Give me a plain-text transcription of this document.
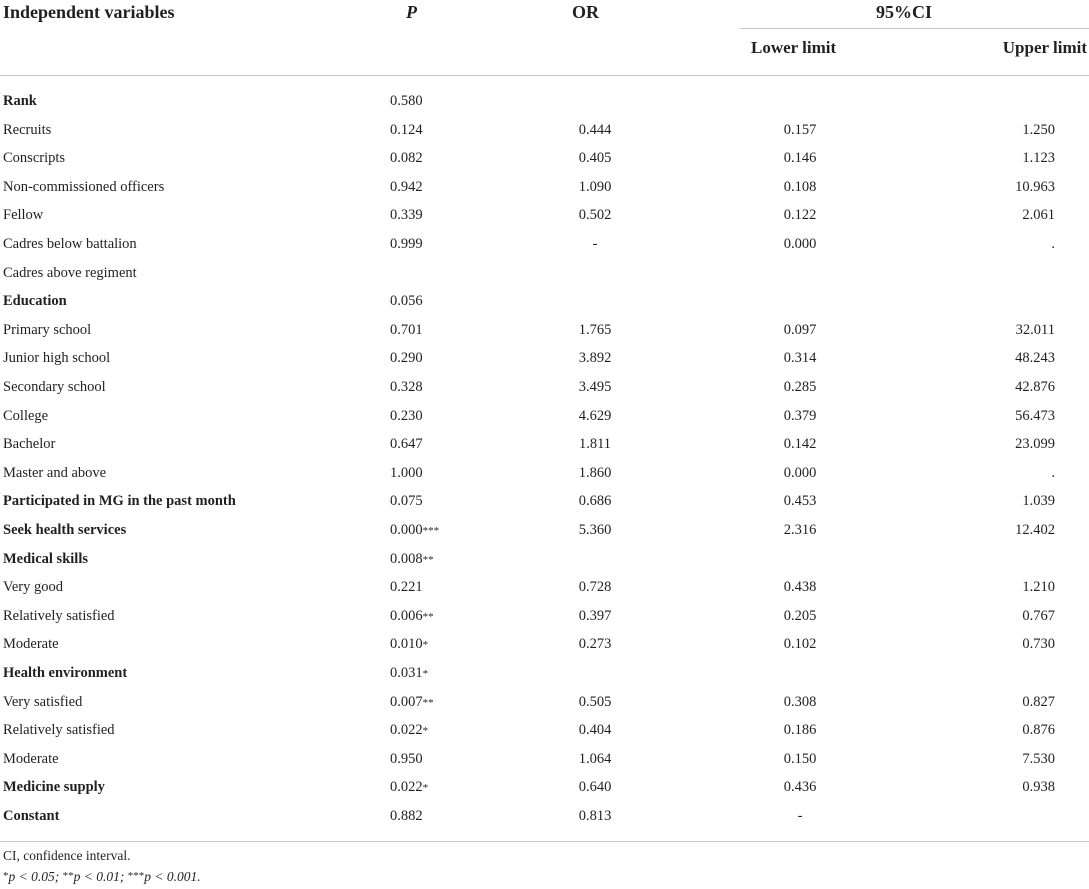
Independent variables	P	OR	95%CI
Lower limit	Upper limit
Rank	0.580
Recruits	0.124	0.444	0.157	1.250
Conscripts	0.082	0.405	0.146	1.123
Non-commissioned officers	0.942	1.090	0.108	10.963
Fellow	0.339	0.502	0.122	2.061
Cadres below battalion	0.999	-	0.000	.
Cadres above regiment
Education	0.056
Primary school	0.701	1.765	0.097	32.011
Junior high school	0.290	3.892	0.314	48.243
Secondary school	0.328	3.495	0.285	42.876
College	0.230	4.629	0.379	56.473
Bachelor	0.647	1.811	0.142	23.099
Master and above	1.000	1.860	0.000	.
Participated in MG in the past month	0.075	0.686	0.453	1.039
Seek health services	0.000***	5.360	2.316	12.402
Medical skills	0.008**
Very good	0.221	0.728	0.438	1.210
Relatively satisfied	0.006**	0.397	0.205	0.767
Moderate	0.010*	0.273	0.102	0.730
Health environment	0.031*
Very satisfied	0.007**	0.505	0.308	0.827
Relatively satisfied	0.022*	0.404	0.186	0.876
Moderate	0.950	1.064	0.150	7.530
Medicine supply	0.022*	0.640	0.436	0.938
Constant	0.882	0.813	-
CI, confidence interval.
*p < 0.05; **p < 0.01; ***p < 0.001.
